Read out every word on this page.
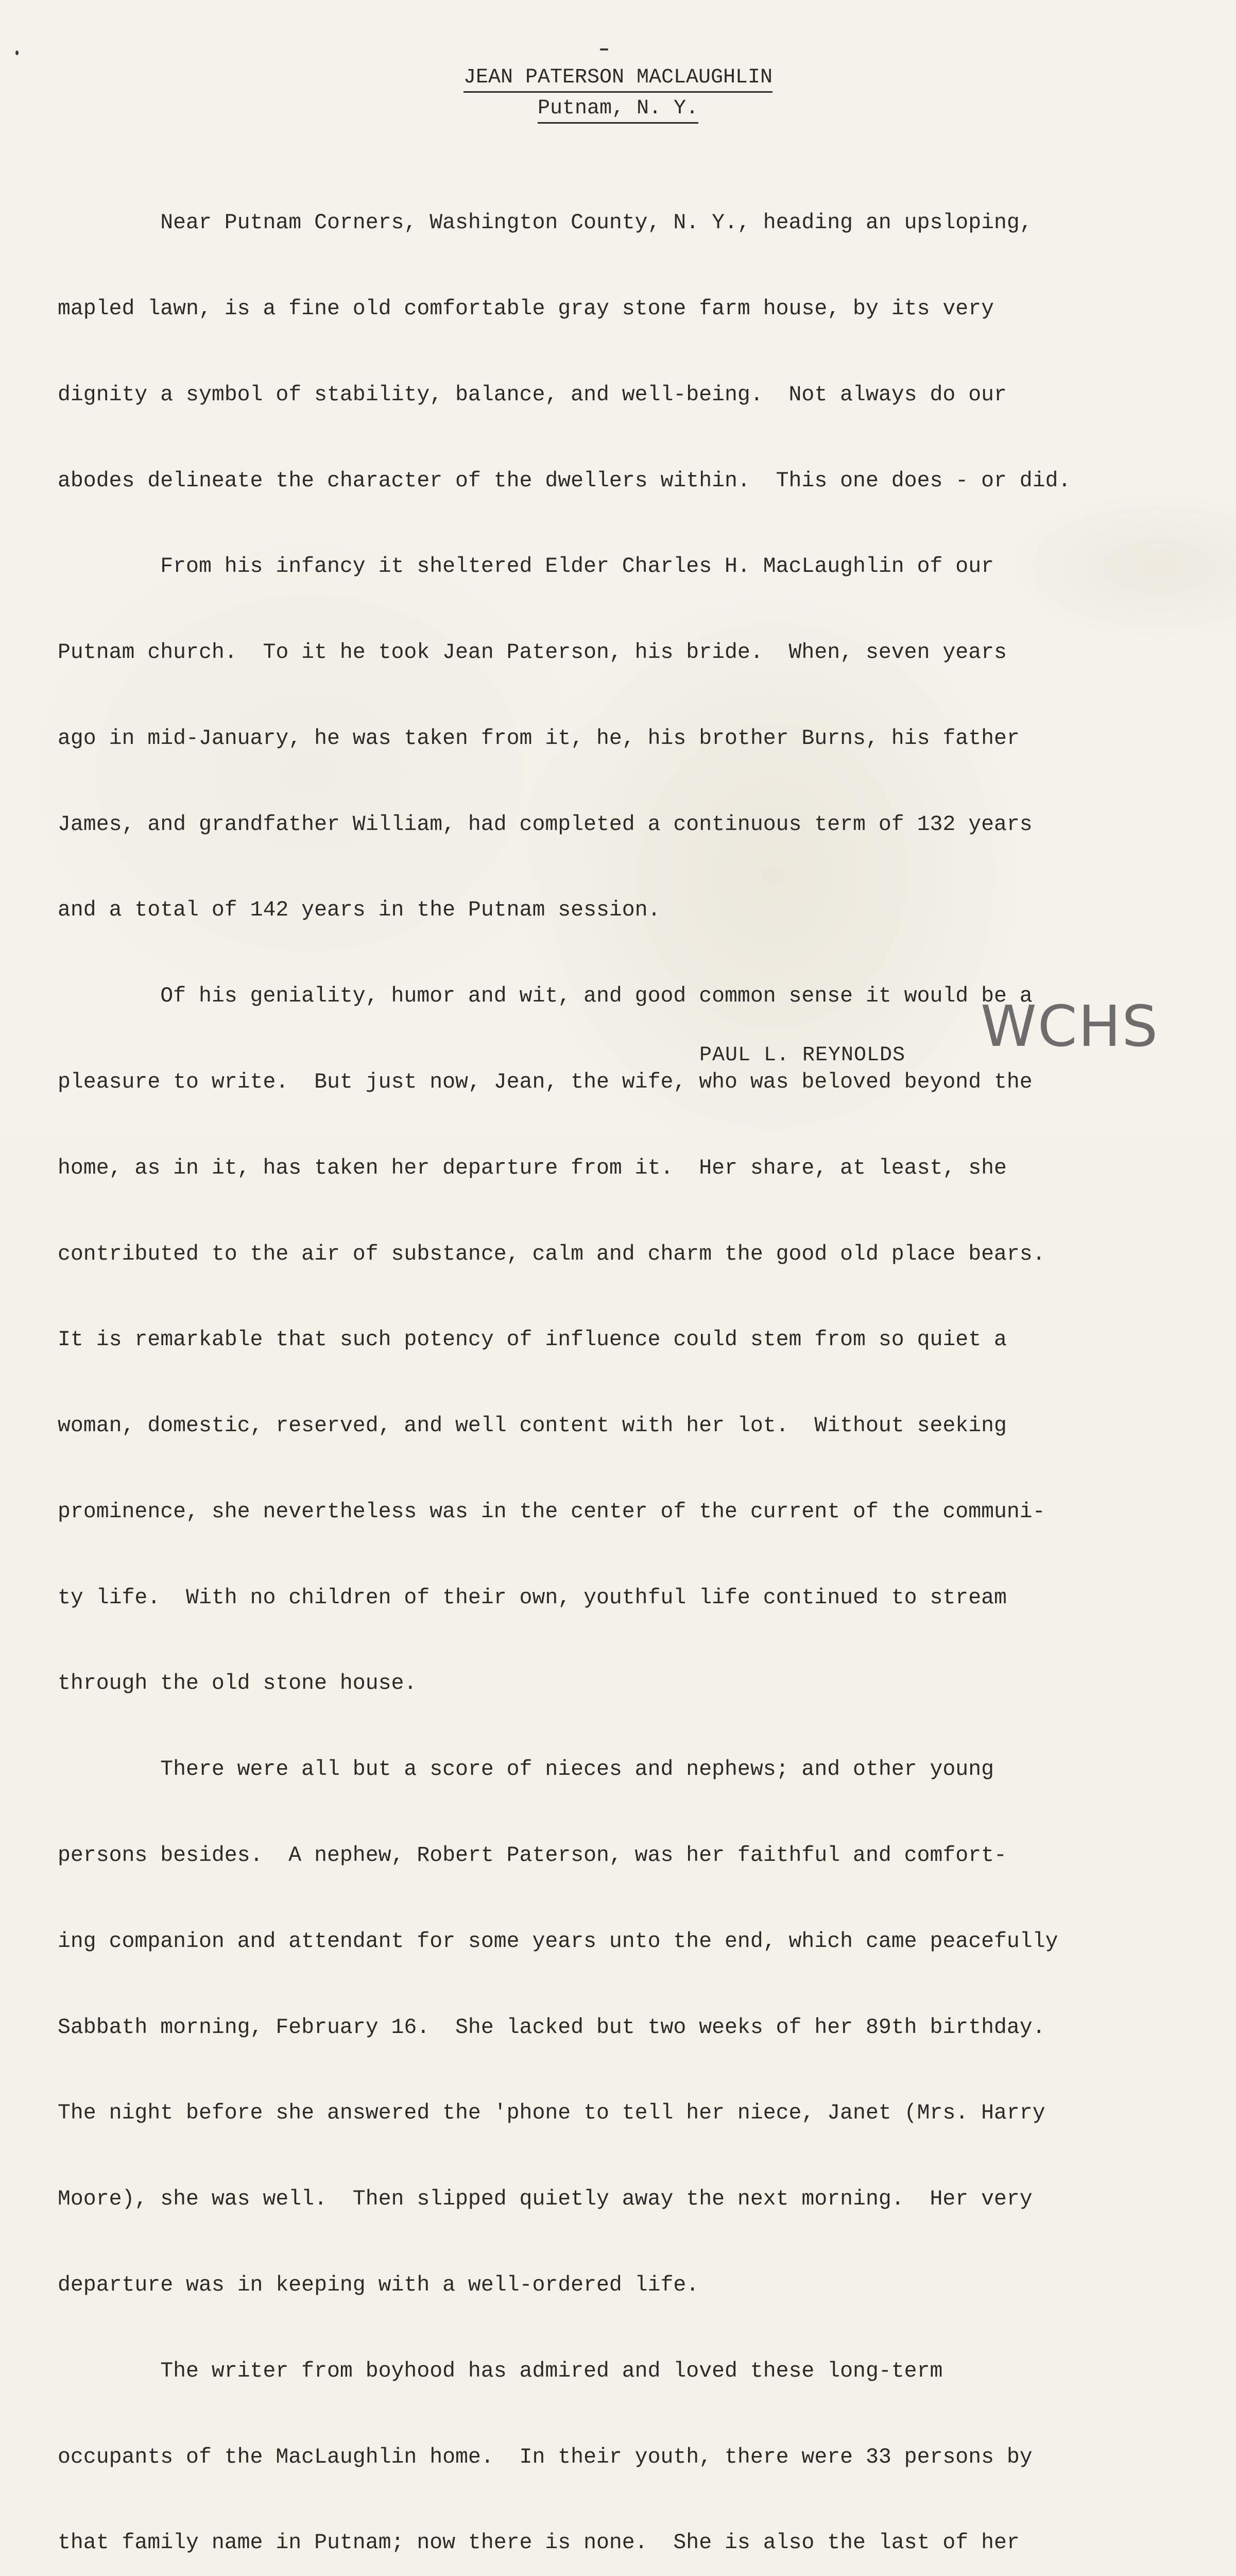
JEAN PATERSON MACLAUGHLIN
Putnam, N. Y.

Near Putnam Corners, Washington County, N. Y., heading an upsloping,

mapled lawn, is a fine old comfortable gray stone farm house, by its very

dignity a symbol of stability, balance, and well-being.  Not always do our

abodes delineate the character of the dwellers within.  This one does - or did.

From his infancy it sheltered Elder Charles H. MacLaughlin of our

Putnam church.  To it he took Jean Paterson, his bride.  When, seven years

ago in mid-January, he was taken from it, he, his brother Burns, his father

James, and grandfather William, had completed a continuous term of 132 years

and a total of 142 years in the Putnam session.

Of his geniality, humor and wit, and good common sense it would be a

pleasure to write.  But just now, Jean, the wife, who was beloved beyond the

home, as in it, has taken her departure from it.  Her share, at least, she

contributed to the air of substance, calm and charm the good old place bears.

It is remarkable that such potency of influence could stem from so quiet a

woman, domestic, reserved, and well content with her lot.  Without seeking

prominence, she nevertheless was in the center of the current of the communi-

ty life.  With no children of their own, youthful life continued to stream

through the old stone house.

There were all but a score of nieces and nephews; and other young

persons besides.  A nephew, Robert Paterson, was her faithful and comfort-

ing companion and attendant for some years unto the end, which came peacefully

Sabbath morning, February 16.  She lacked but two weeks of her 89th birthday.

The night before she answered the 'phone to tell her niece, Janet (Mrs. Harry

Moore), she was well.  Then slipped quietly away the next morning.  Her very

departure was in keeping with a well-ordered life.

The writer from boyhood has admired and loved these long-term

occupants of the MacLaughlin home.  In their youth, there were 33 persons by

that family name in Putnam; now there is none.  She is also the last of her

PAUL L. REYNOLDS WCHS
